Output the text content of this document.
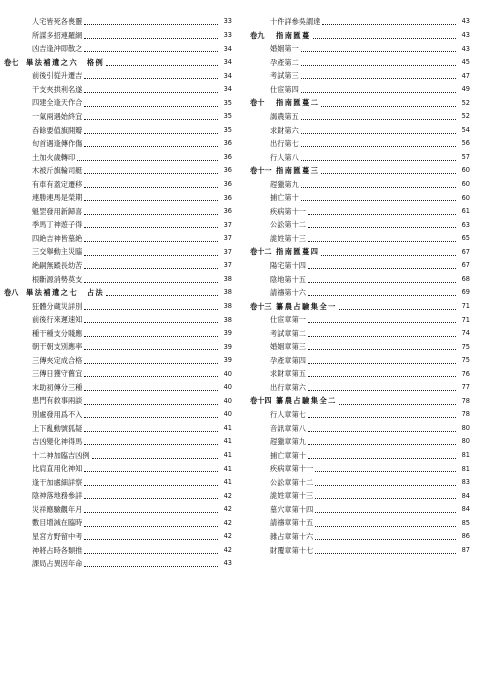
人宅皆死各喪靈	33
所謀多招連羅網	33
凶吉逢沖即散之	34
卷七	畢法補遺之六　格例	34
前後引從升遷吉	34
干支夾拱利名遂	34
四建全逢天作合	35
一氣兩遇始終宜	35
吞餘要值旗開瓣	35
旬首遇逢傳作傷	36
土加火歲轉印	36
木被斤旗輪司艇	36
有車有蓋定遷移	36
連勝連馬是榮期	36
魁罡發用新歸喜	36
季馬丁神遊子得	37
四絶吉神皆墓絶	37
三交舉動主災臨	37
絶嗣無蹤長幼苦	37
根斷源消勢莫支	38
卷八	畢法補遺之七　占法	38
狂體分蔵災詳別	38
前後行來遲速知	38
種干種支分賤應	39
朝干朝支別應率	39
三傳夾定成合格	39
三傳日獲守舊宜	40
末助初傳分三種	40
患門有救事兩談	40
別處發用爲不入	40
上下亂動號狐疑	41
吉凶變化神得馬	41
十二神加臨吉凶例	41
比肩直用化神知	41
逢干加處細詳察	41
陰神落地務參詳	42
災祥應驗觀年月	42
數目增減在臨時	42
星宮方野留中考	42
神將占時各類推	42
課局占異因年命	43
十件詳參吳謂達	43
卷九	指南匯蔓	43
婚姻第一	43
孕產第二	45
考試第三	47
仕宦第四	49
卷十	指南匯蔓二	52
謁農第五	52
求財第六	54
出行第七	56
行人第八	57
卷十一 指南匯蔓三	60
趕獵第九	60
捕亡第十	60
疾病第十一	61
公訟第十二	63
詭姓第十三	65
卷十二 指南匯蔓四	67
陽宅第十四	67
陰地第十五	68
請禱第十六	69
卷十三 纂農占驗集全一	71
仕宦章第一	71
考試章第二	74
婚姻章第三	75
孕產章第四	75
求財章第五	76
出行章第六	77
卷十四 纂農占驗集全二	78
行人章第七	78
音訊章第八	80
趕獵章第九	80
捕亡章第十	81
疾病章第十一	81
公訟章第十二	83
詭姓章第十三	84
墓穴章第十四	84
請禱章第十五	85
雜占章第十六	86
財覆章第十七	87
